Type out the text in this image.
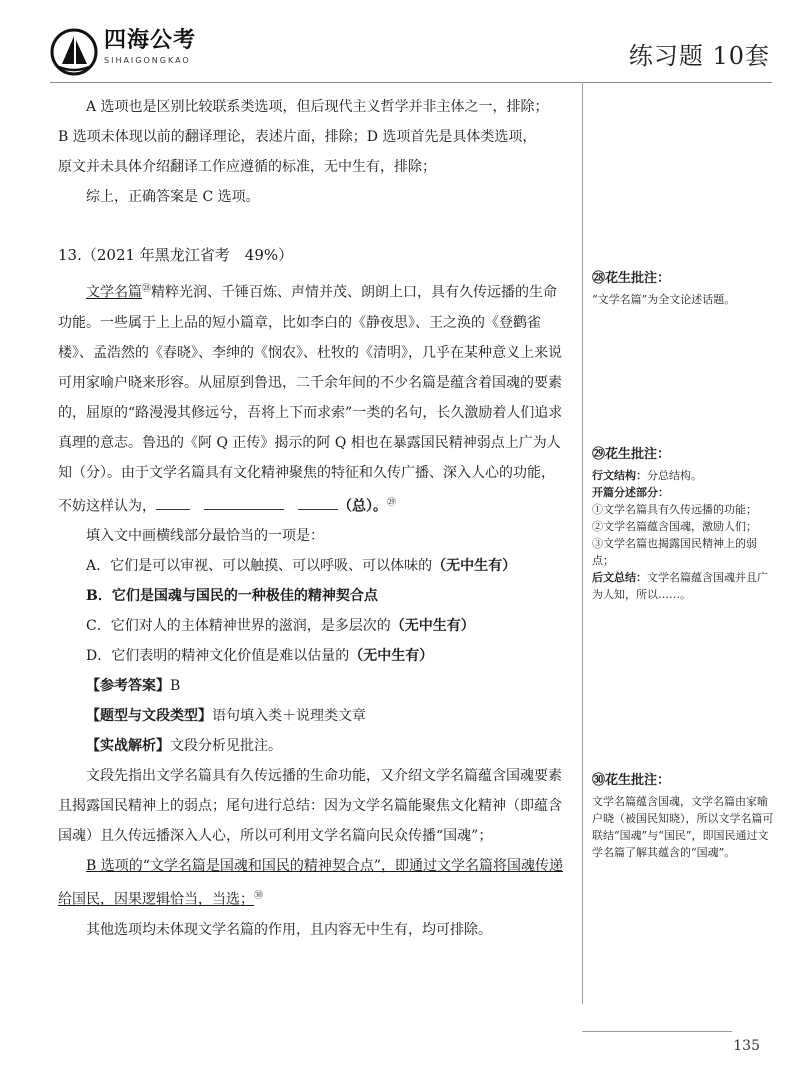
四海公考
SIHAIGONGKAO	练习题 10套

A 选项也是区别比较联系类选项，但后现代主义哲学并非主体之一，排除；

B 选项未体现以前的翻译理论，表述片面，排除；D 选项首先是具体类选项，

原文并未具体介绍翻译工作应遵循的标准，无中生有，排除；

综上，正确答案是 C 选项。

13.（2021 年黑龙江省考　49%）

文学名篇$^㉘$精粹光润、千锤百炼、声情并茂、朗朗上口，具有久传远播的生命功能。一些属于上上品的短小篇章，比如李白的《静夜思》、王之涣的《登鹳雀楼》、孟浩然的《春晓》、李绅的《悯农》、杜牧的《清明》，几乎在某种意义上来说可用家喻户晓来形容。从屈原到鲁迅，二千余年间的不少名篇是蕴含着国魂的要素的，屈原的“路漫漫其修远兮，吾将上下而求索”一类的名句，长久激励着人们追求真理的意志。鲁迅的《阿 Q 正传》揭示的阿 Q 相也在暴露国民精神弱点上广为人知（分）。由于文学名篇具有文化精神聚焦的特征和久传广播、深入人心的功能，不妨这样认为，　　	（总）。$^㉙$

填入文中画横线部分最恰当的一项是：

A．它们是可以审视、可以触摸、可以呼吸、可以体味的（无中生有）

B．它们是国魂与国民的一种极佳的精神契合点

C．它们对人的主体精神世界的滋润，是多层次的（无中生有）

D．它们表明的精神文化价值是难以估量的（无中生有）

【参考答案】B

【题型与文段类型】语句填入类＋说理类文章

【实战解析】文段分析见批注。

文段先指出文学名篇具有久传远播的生命功能，又介绍文学名篇蕴含国魂要素且揭露国民精神上的弱点；尾句进行总结：因为文学名篇能聚焦文化精神（即蕴含国魂）且久传远播深入人心，所以可利用文学名篇向民众传播“国魂”；

B 选项的“文学名篇是国魂和国民的精神契合点”，即通过文学名篇将国魂传递给国民，因果逻辑恰当，当选；$^㉚$

其他选项均未体现文学名篇的作用，且内容无中生有，均可排除。

㉘花生批注：
“文学名篇”为全文论述话题。
㉙花生批注：
行文结构：分总结构。
开篇分述部分：
①文学名篇具有久传远播的功能；
②文学名篇蕴含国魂，激励人们；
③文学名篇也揭露国民精神上的弱点；
后文总结：文学名篇蕴含国魂并且广为人知，所以……。
㉚花生批注：
文学名篇蕴含国魂，文学名篇由家喻户晓（被国民知晓），所以文学名篇可联结“国魂”与“国民”，即国民通过文学名篇了解其蕴含的“国魂”。
135
